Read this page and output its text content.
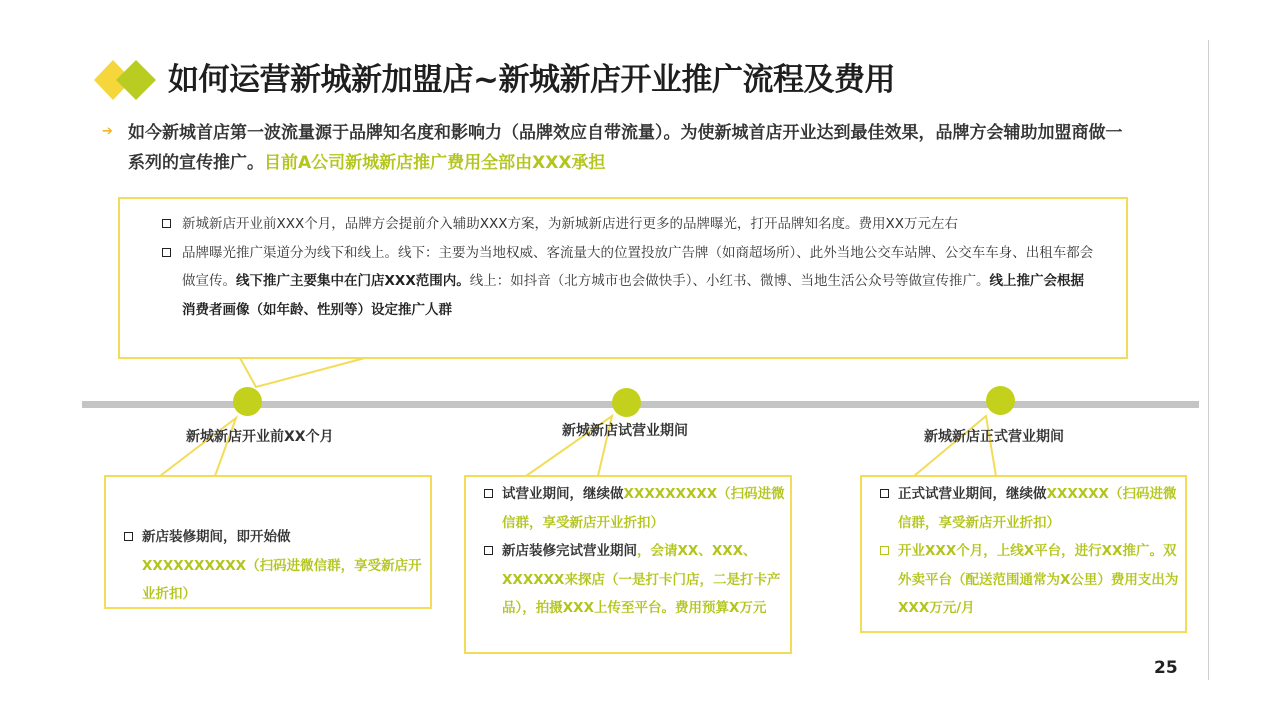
如何运营新城新加盟店~新城新店开业推广流程及费用
➔ 如今新城首店第一波流量源于品牌知名度和影响力（品牌效应自带流量）。为使新城首店开业达到最佳效果，品牌方会辅助加盟商做一系列的宣传推广。目前A公司新城新店推广费用全部由XXX承担

新城新店开业前XXX个月，品牌方会提前介入辅助XXX方案，为新城新店进行更多的品牌曝光，打开品牌知名度。费用XX万元左右
品牌曝光推广渠道分为线下和线上。线下：主要为当地权威、客流量大的位置投放广告牌（如商超场所）、此外当地公交车站牌、公交车车身、出租车都会做宣传。线下推广主要集中在门店XXX范围内。线上：如抖音（北方城市也会做快手）、小红书、微博、当地生活公众号等做宣传推广。线上推广会根据消费者画像（如年龄、性别等）设定推广人群
新城新店开业前XX个月	新城新店试营业期间	新城新店正式营业期间
新店装修期间，即开始做
XXXXXXXXXX（扫码进微信群，享受新店开业折扣）
试营业期间，继续做XXXXXXXXX（扫码进微信群，享受新店开业折扣）
新店装修完试营业期间，会请XX、XXX、XXXXXX来探店（一是打卡门店，二是打卡产品），拍摄XXX上传至平台。费用预算X万元
正式试营业期间，继续做XXXXXX（扫码进微信群，享受新店开业折扣）
开业XXX个月，上线X平台，进行XX推广。双外卖平台（配送范围通常为X公里）费用支出为XXX万元/月
25
